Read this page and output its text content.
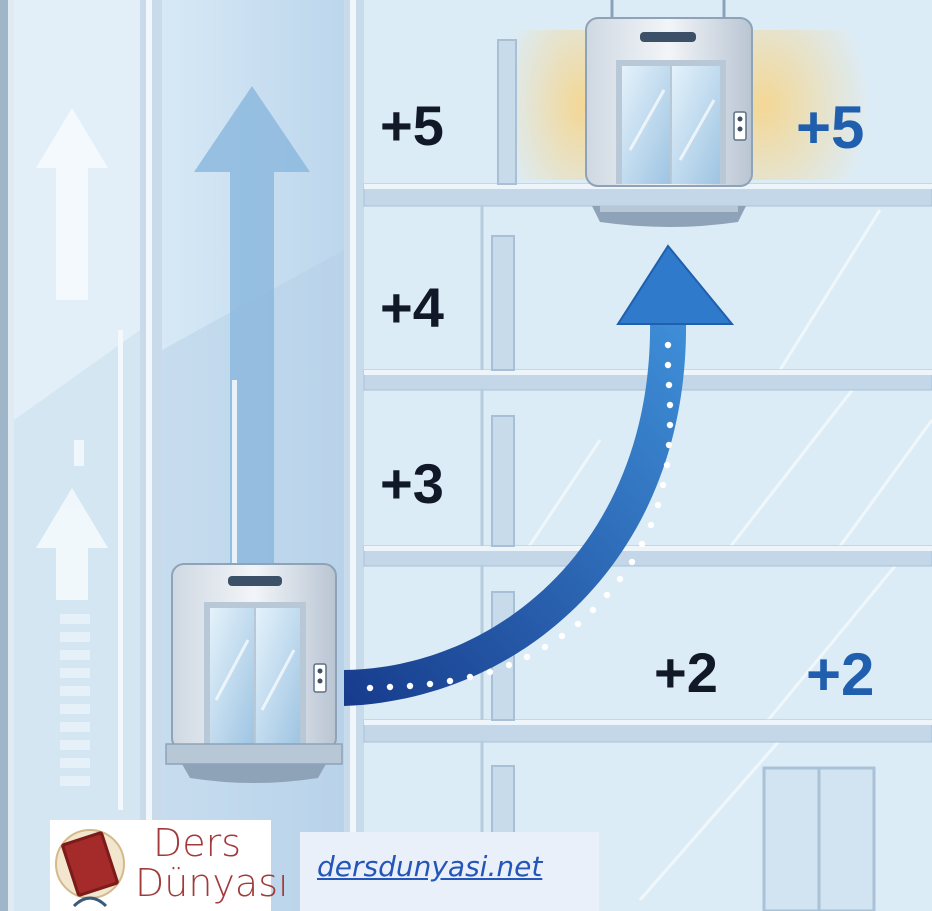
+5	+5
+4
+3
+2 +2
Ders
Dünyası dersdunyasi.net
